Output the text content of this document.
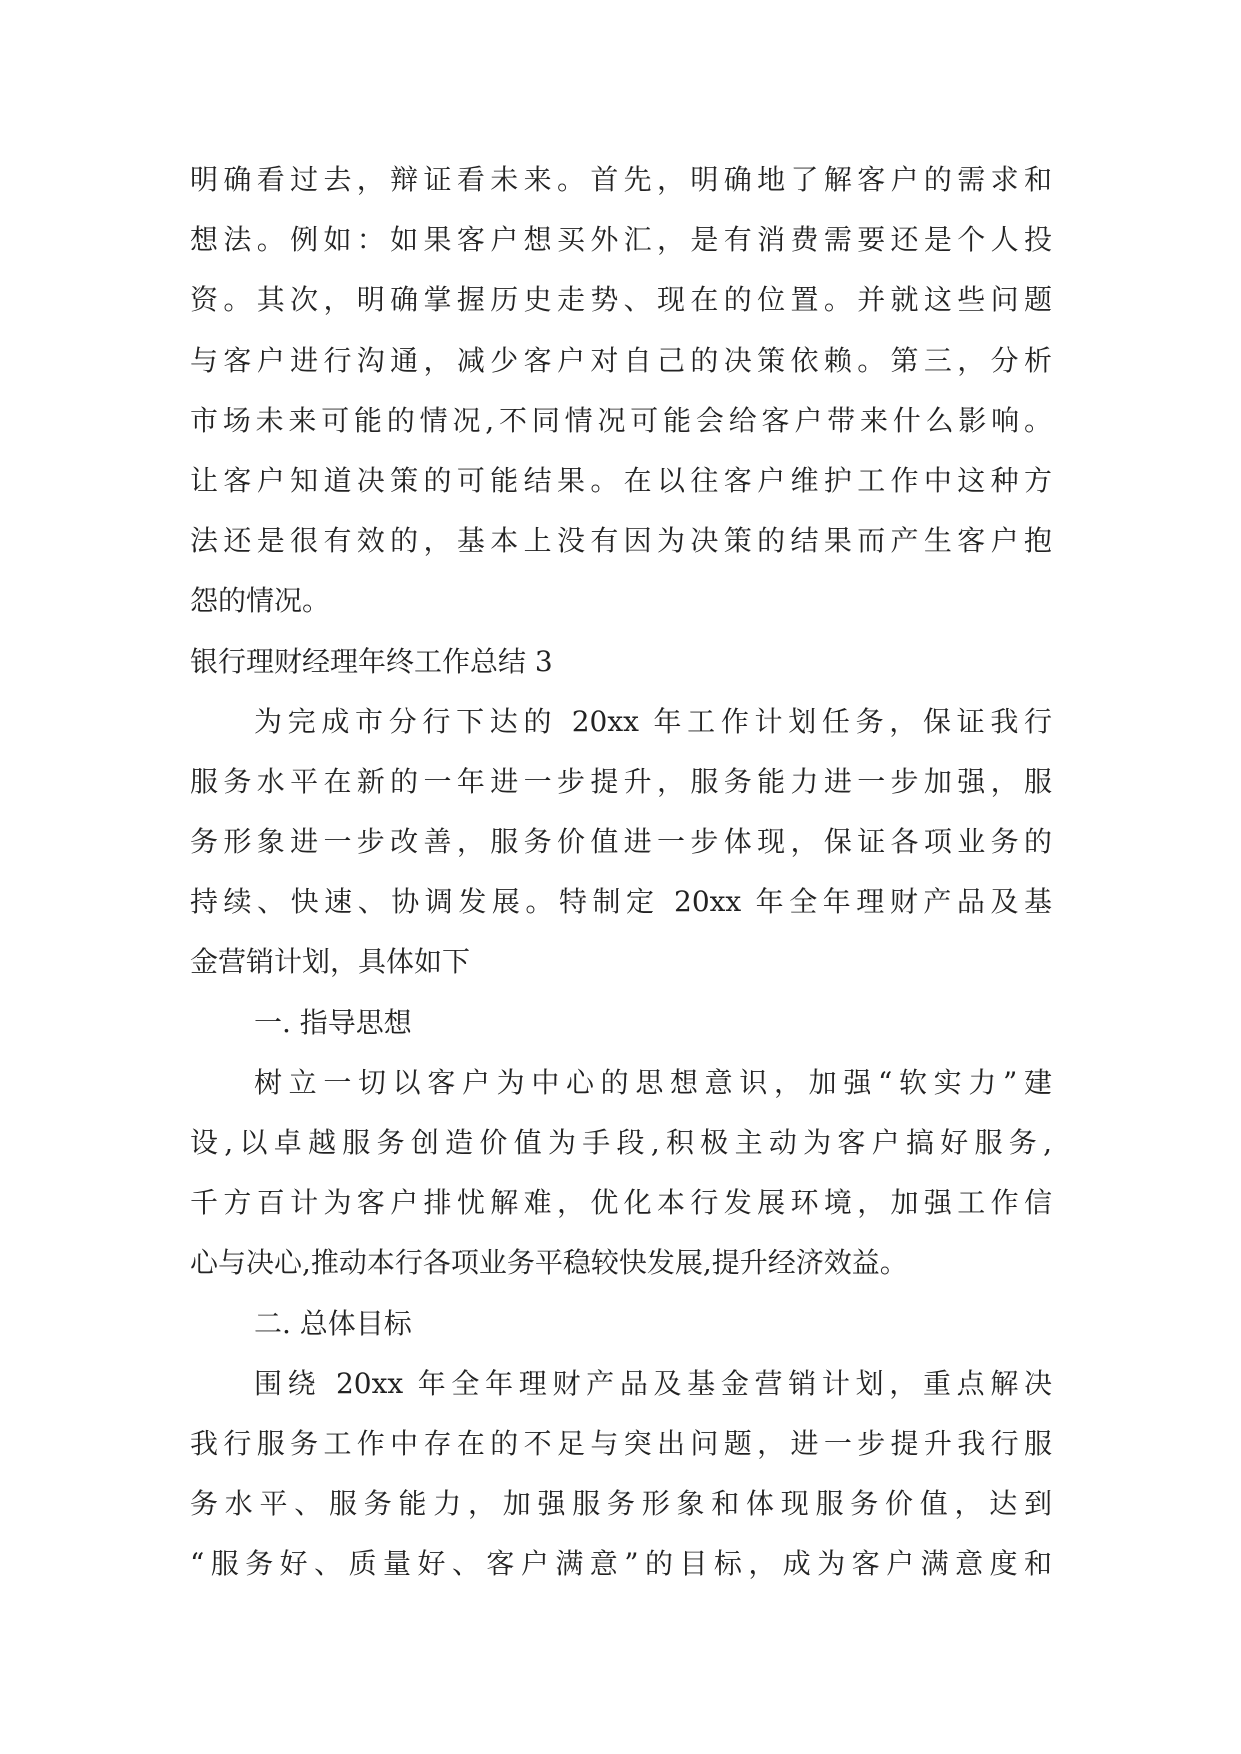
明确看过去，辩证看未来。首先，明确地了解客户的需求和
想法。例如：如果客户想买外汇，是有消费需要还是个人投
资。其次，明确掌握历史走势、现在的位置。并就这些问题
与客户进行沟通，减少客户对自己的决策依赖。第三，分析
市场未来可能的情况,不同情况可能会给客户带来什么影响。
让客户知道决策的可能结果。在以往客户维护工作中这种方
法还是很有效的，基本上没有因为决策的结果而产生客户抱
怨的情况。
银行理财经理年终工作总结 3
为完成市分行下达的 20xx 年工作计划任务，保证我行
服务水平在新的一年进一步提升，服务能力进一步加强，服
务形象进一步改善，服务价值进一步体现，保证各项业务的
持续、快速、协调发展。特制定 20xx 年全年理财产品及基
金营销计划，具体如下
一. 指导思想
树立一切以客户为中心的思想意识，加强“软实力”建
设,以卓越服务创造价值为手段,积极主动为客户搞好服务,
千方百计为客户排忧解难，优化本行发展环境，加强工作信
心与决心,推动本行各项业务平稳较快发展,提升经济效益。
二. 总体目标
围绕 20xx 年全年理财产品及基金营销计划，重点解决
我行服务工作中存在的不足与突出问题，进一步提升我行服
务水平、服务能力，加强服务形象和体现服务价值，达到
“服务好、质量好、客户满意”的目标，成为客户满意度和
